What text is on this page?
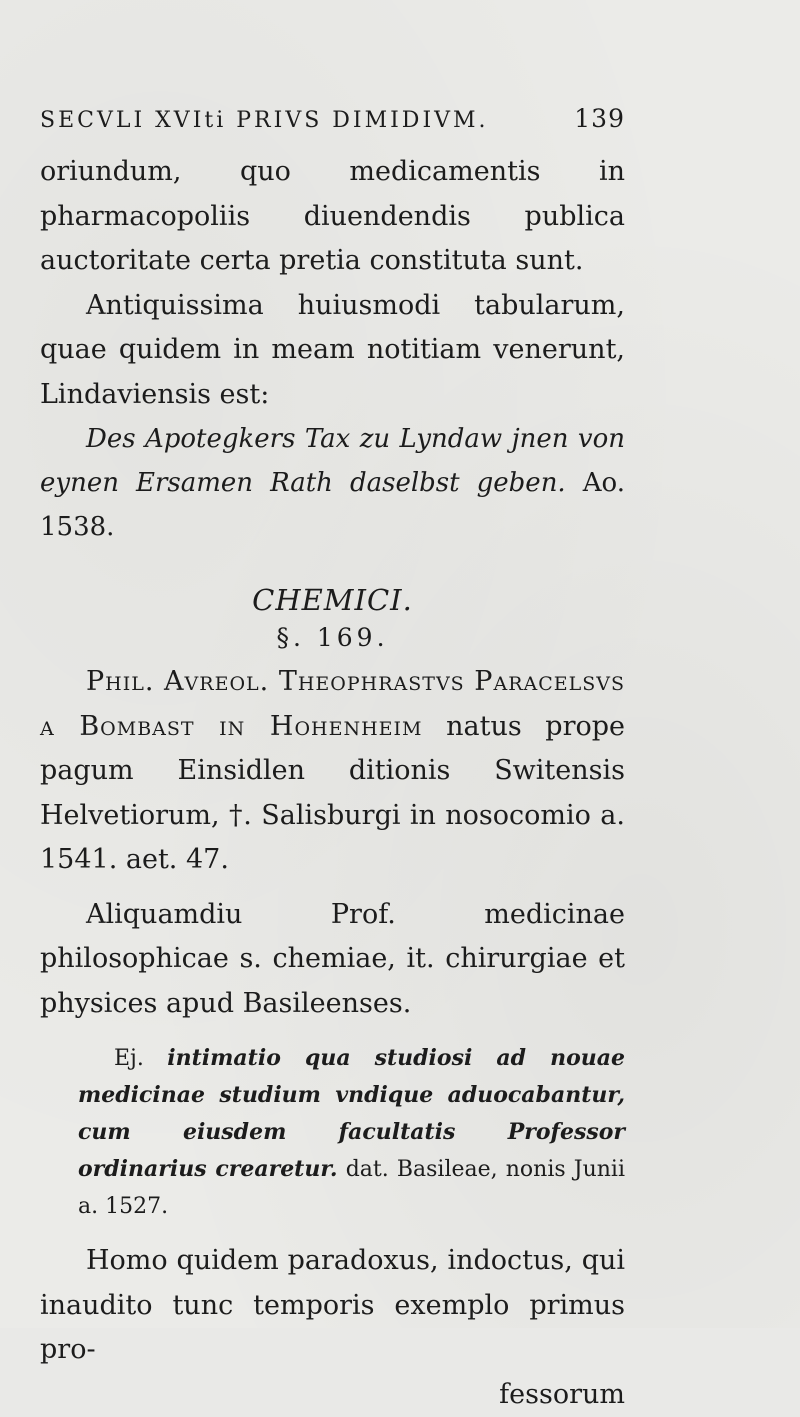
SECVLI XVIti PRIVS DIMIDIVM.	139

oriundum, quo medicamentis in pharmacopoliis diuendendis publica auctoritate certa pretia constituta sunt.

Antiquissima huiusmodi tabularum, quae quidem in meam notitiam venerunt, Lindaviensis est:

Des Apotegkers Tax zu Lyndaw jnen von eynen Ersamen Rath daselbst geben. Ao. 1538.

CHEMICI.
§. 169.

Phil. Avreol. Theophrastvs Paracelsvs a Bombast in Hohenheim natus prope pagum Einsidlen ditionis Switensis Helvetiorum, †. Salisburgi in nosocomio a. 1541. aet. 47.

Aliquamdiu Prof. medicinae philosophicae s. chemiae, it. chirurgiae et physices apud Basileenses.

Ej. intimatio qua studiosi ad nouae medicinae studium vndique aduocabantur, cum eiusdem facultatis Professor ordinarius crearetur. dat. Basileae, nonis Junii a. 1527.

Homo quidem paradoxus, indoctus, qui inaudito tunc temporis exemplo primus pro-

fessorum
